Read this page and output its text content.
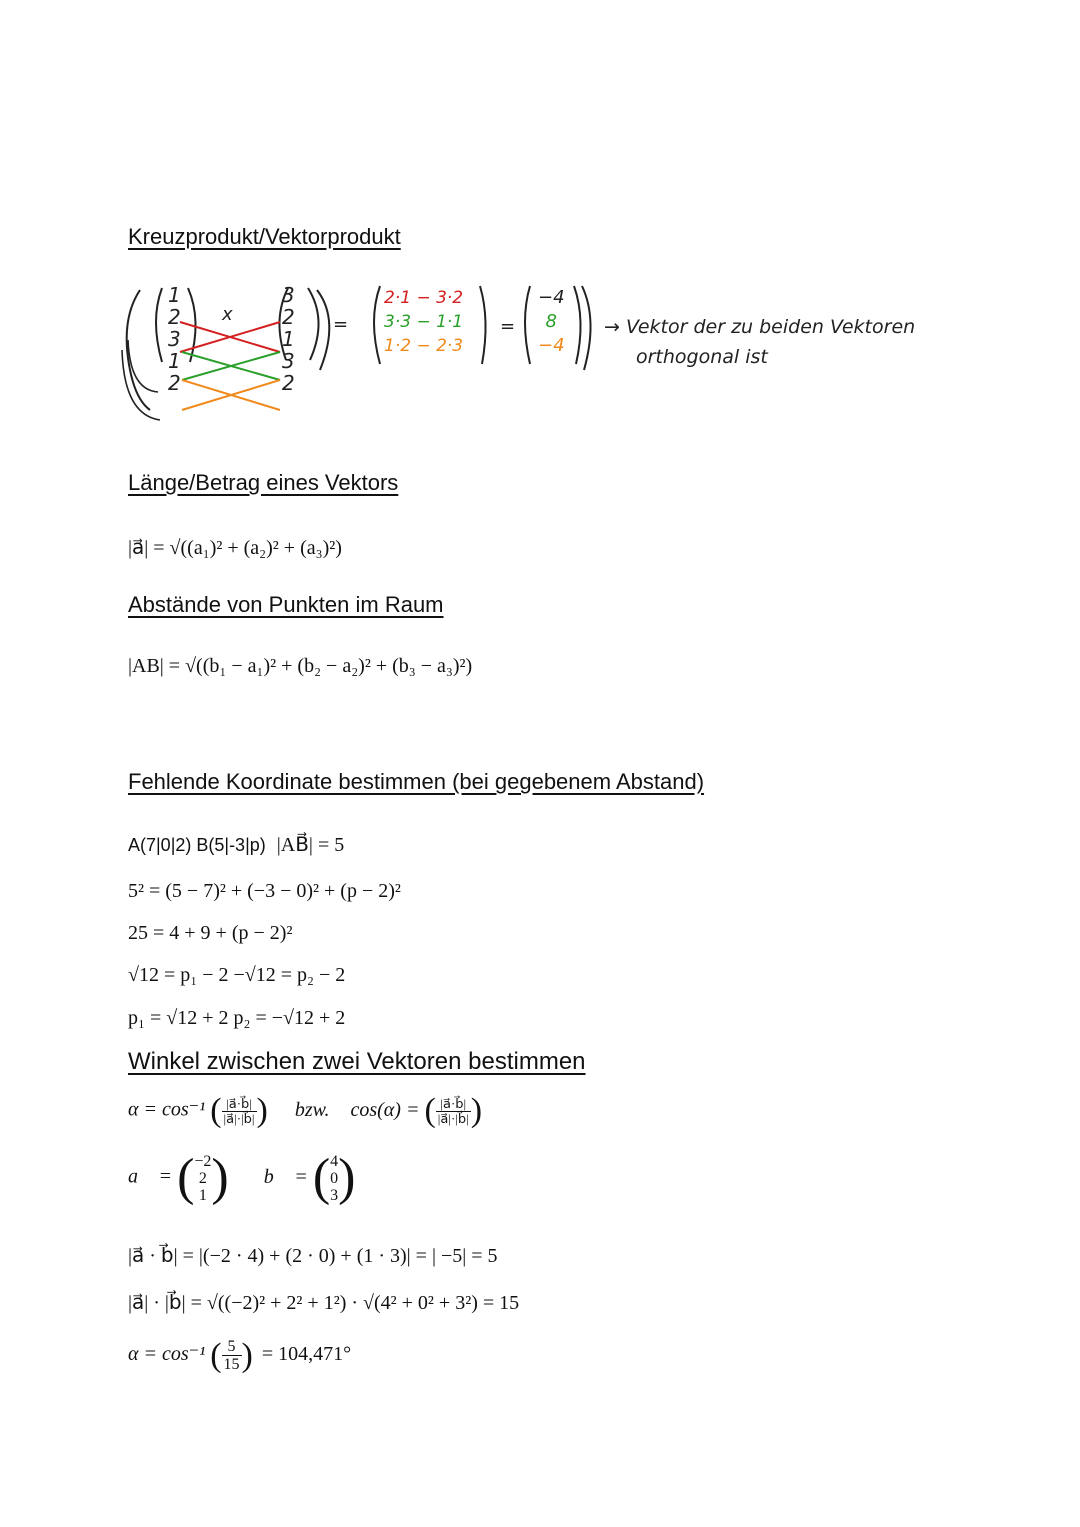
Kreuzprodukt/Vektorprodukt
1
2
3
1
2
x
3
2
1
3
2
=
2·1 − 3·2
3·3 − 1·1
1·2 − 2·3
=
−4
8
−4
→ Vektor der zu beiden Vektoren
orthogonal ist
Länge/Betrag eines Vektors
|a⃗| = √((a₁)² + (a₂)² + (a₃)²)
Abstände von Punkten im Raum
|AB| = √((b₁ − a₁)² + (b₂ − a₂)² + (b₃ − a₃)²)
Fehlende Koordinate bestimmen (bei gegebenem Abstand)
A(7|0|2) B(5|-3|p) |AB⃗| = 5
5² = (5 − 7)² + (−3 − 0)² + (p − 2)²
25 = 4 + 9 + (p − 2)²
√12 = p₁ − 2 −√12 = p₂ − 2
p₁ = √12 + 2 p₂ = −√12 + 2
Winkel zwischen zwei Vektoren bestimmen
α = cos⁻¹ ( $\frac{|a⃗\cdot b⃗|}{|a⃗|\cdot|b⃗|}$ ) bzw. cos(α) = ( $\frac{|a⃗\cdot b⃗|}{|a⃗|\cdot|b⃗|}$ )
a⃗ = ( −2
2
1 ) b⃗ = ( 4
0
3 )
|a⃗ · b⃗| = |(−2 · 4) + (2 · 0) + (1 · 3)| = | −5| = 5
|a⃗| · |b⃗| = √((−2)² + 2² + 1²) · √(4² + 0² + 3²) = 15
α = cos⁻¹ ( $\frac{5}{15}$ ) = 104,471°
